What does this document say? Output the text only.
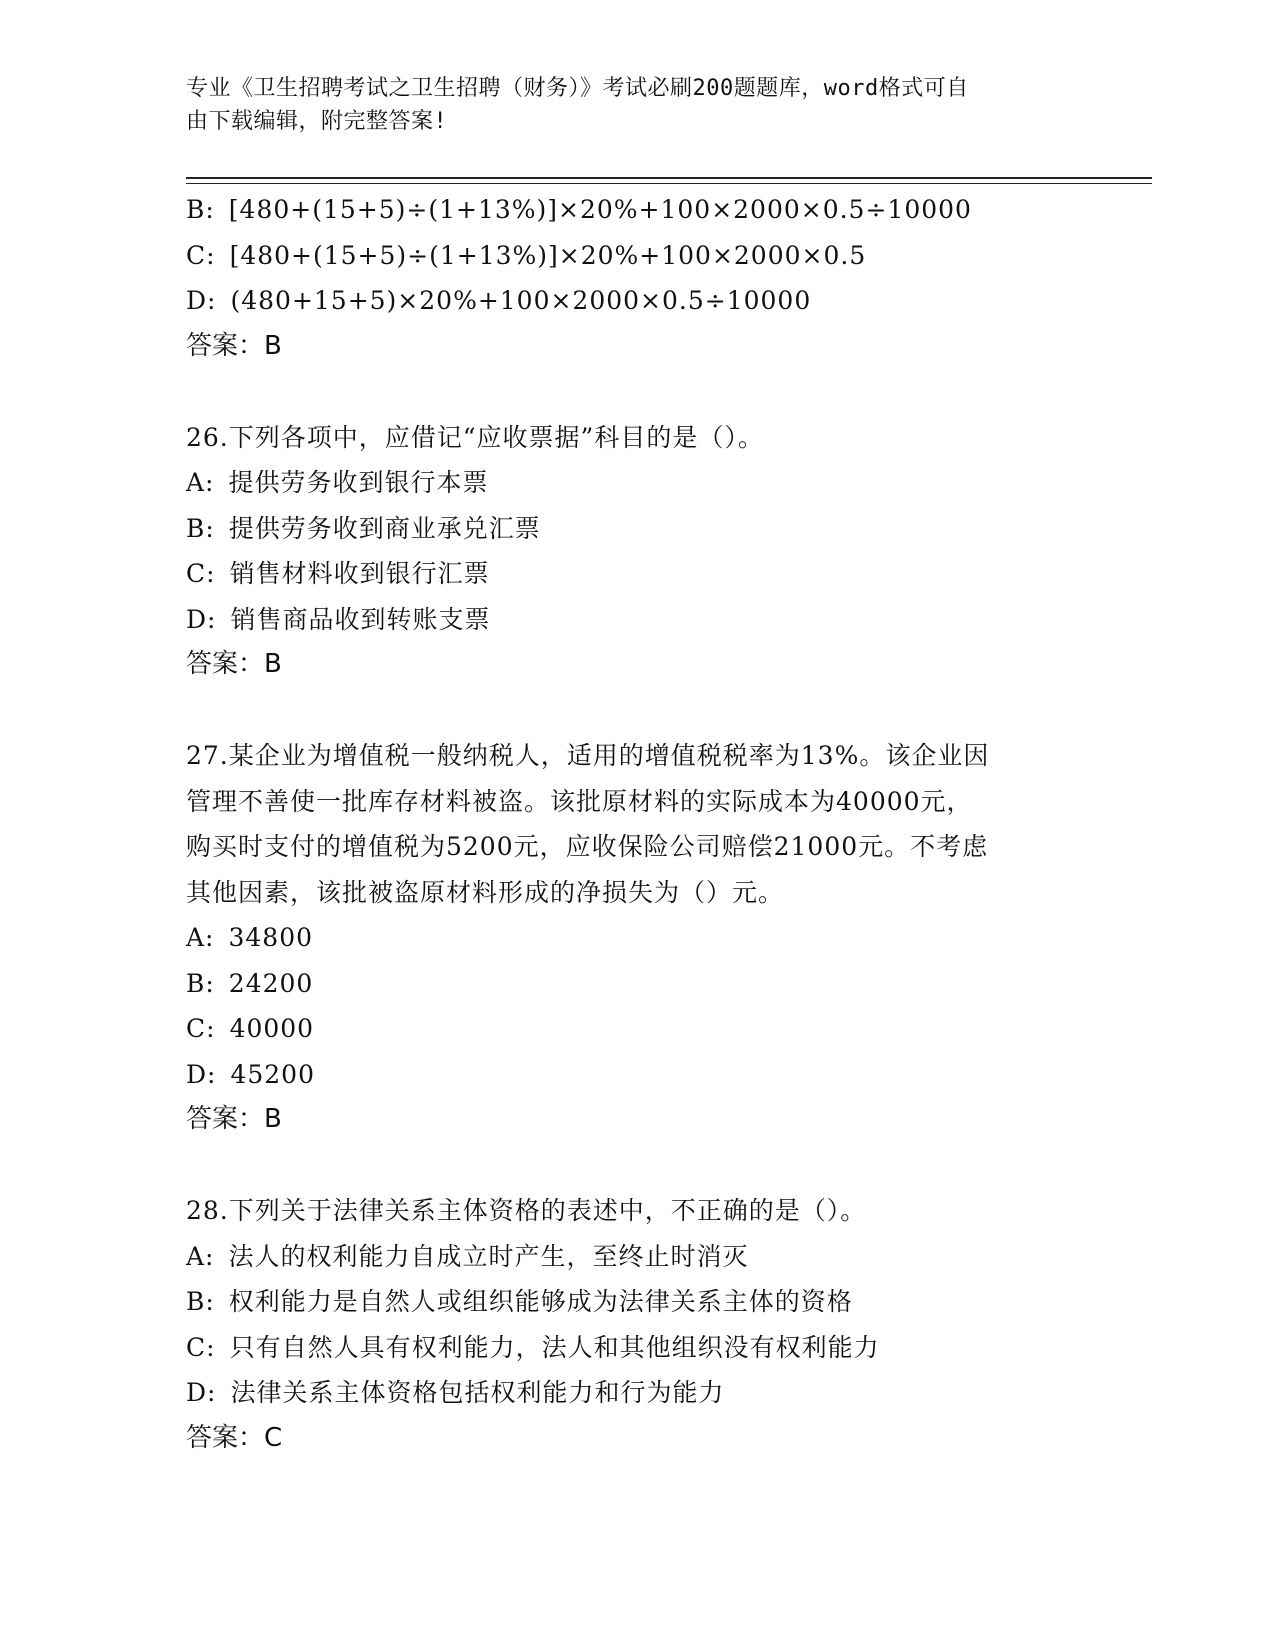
专业《卫生招聘考试之卫生招聘（财务）》考试必刷200题题库，word格式可自
由下载编辑，附完整答案!

B: [480+(15+5)÷(1+13%)]×20%+100×2000×0.5÷10000

C: [480+(15+5)÷(1+13%)]×20%+100×2000×0.5

D: (480+15+5)×20%+100×2000×0.5÷10000

答案：B

26.下列各项中，应借记“应收票据”科目的是（）。

A: 提供劳务收到银行本票

B: 提供劳务收到商业承兑汇票

C: 销售材料收到银行汇票

D: 销售商品收到转账支票

答案：B

27.某企业为增值税一般纳税人，适用的增值税税率为13%。该企业因

管理不善使一批库存材料被盗。该批原材料的实际成本为40000元，

购买时支付的增值税为5200元，应收保险公司赔偿21000元。不考虑

其他因素，该批被盗原材料形成的净损失为（）元。

A: 34800

B: 24200

C: 40000

D: 45200

答案：B

28.下列关于法律关系主体资格的表述中，不正确的是（）。

A: 法人的权利能力自成立时产生，至终止时消灭

B: 权利能力是自然人或组织能够成为法律关系主体的资格

C: 只有自然人具有权利能力，法人和其他组织没有权利能力

D: 法律关系主体资格包括权利能力和行为能力

答案：C
